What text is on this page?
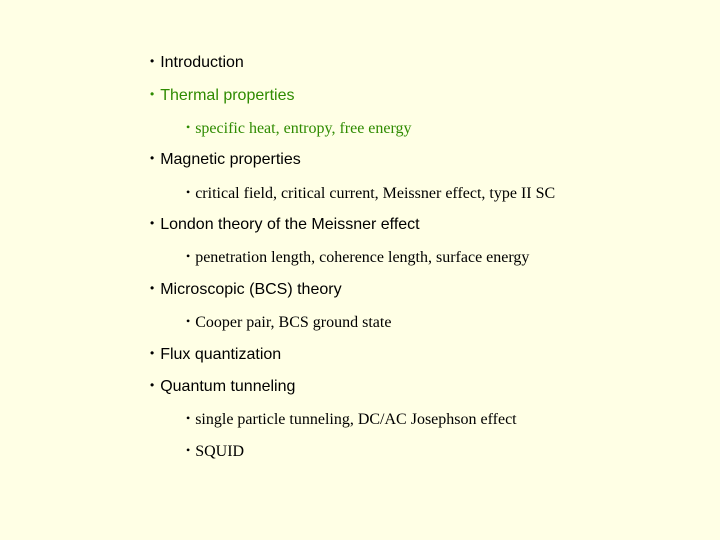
• Introduction
• Thermal properties
• specific heat, entropy, free energy
• Magnetic properties
• critical field, critical current, Meissner effect, type II SC
• London theory of the Meissner effect
• penetration length, coherence length, surface energy
• Microscopic (BCS) theory
• Cooper pair, BCS ground state
• Flux quantization
• Quantum tunneling
• single particle tunneling, DC/AC Josephson effect
• SQUID
